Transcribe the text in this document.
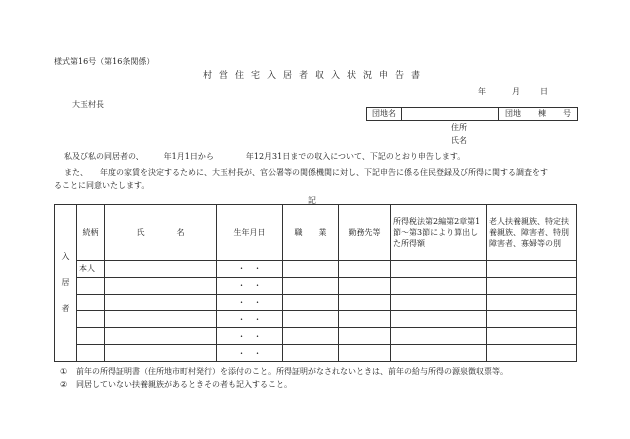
様式第16号（第16条関係）
村営住宅入居者収入状況申告書
年	月	日
大玉村長
団地名	団地 棟 号
住所
氏名
私及び私の同居者の、　　　年1月1日から　　　　年12月31日までの収入について、下記のとおり申告します。
また、　　年度の家賃を決定するために、大玉村長が、官公署等の関係機関に対し、下記申告に係る住民登録及び所得に関する調査をす
ることに同意いたします。
記
入
居
者	続柄	氏　　　　名	生年月日	職　　業	勤務先等	所得税法第2編第2章第1節〜第3節により算出した所得額	老人扶養親族、特定扶養親族、障害者、特別障害者、寡婦等の別
	本人		・　・				
			・　・				
			・　・				
			・　・				
			・　・				
			・　・				
① 前年の所得証明書（住所地市町村発行）を添付のこと。所得証明がなされないときは、前年の給与所得の源泉徴収票等。
② 同居していない扶養親族があるときその者も記入すること。
